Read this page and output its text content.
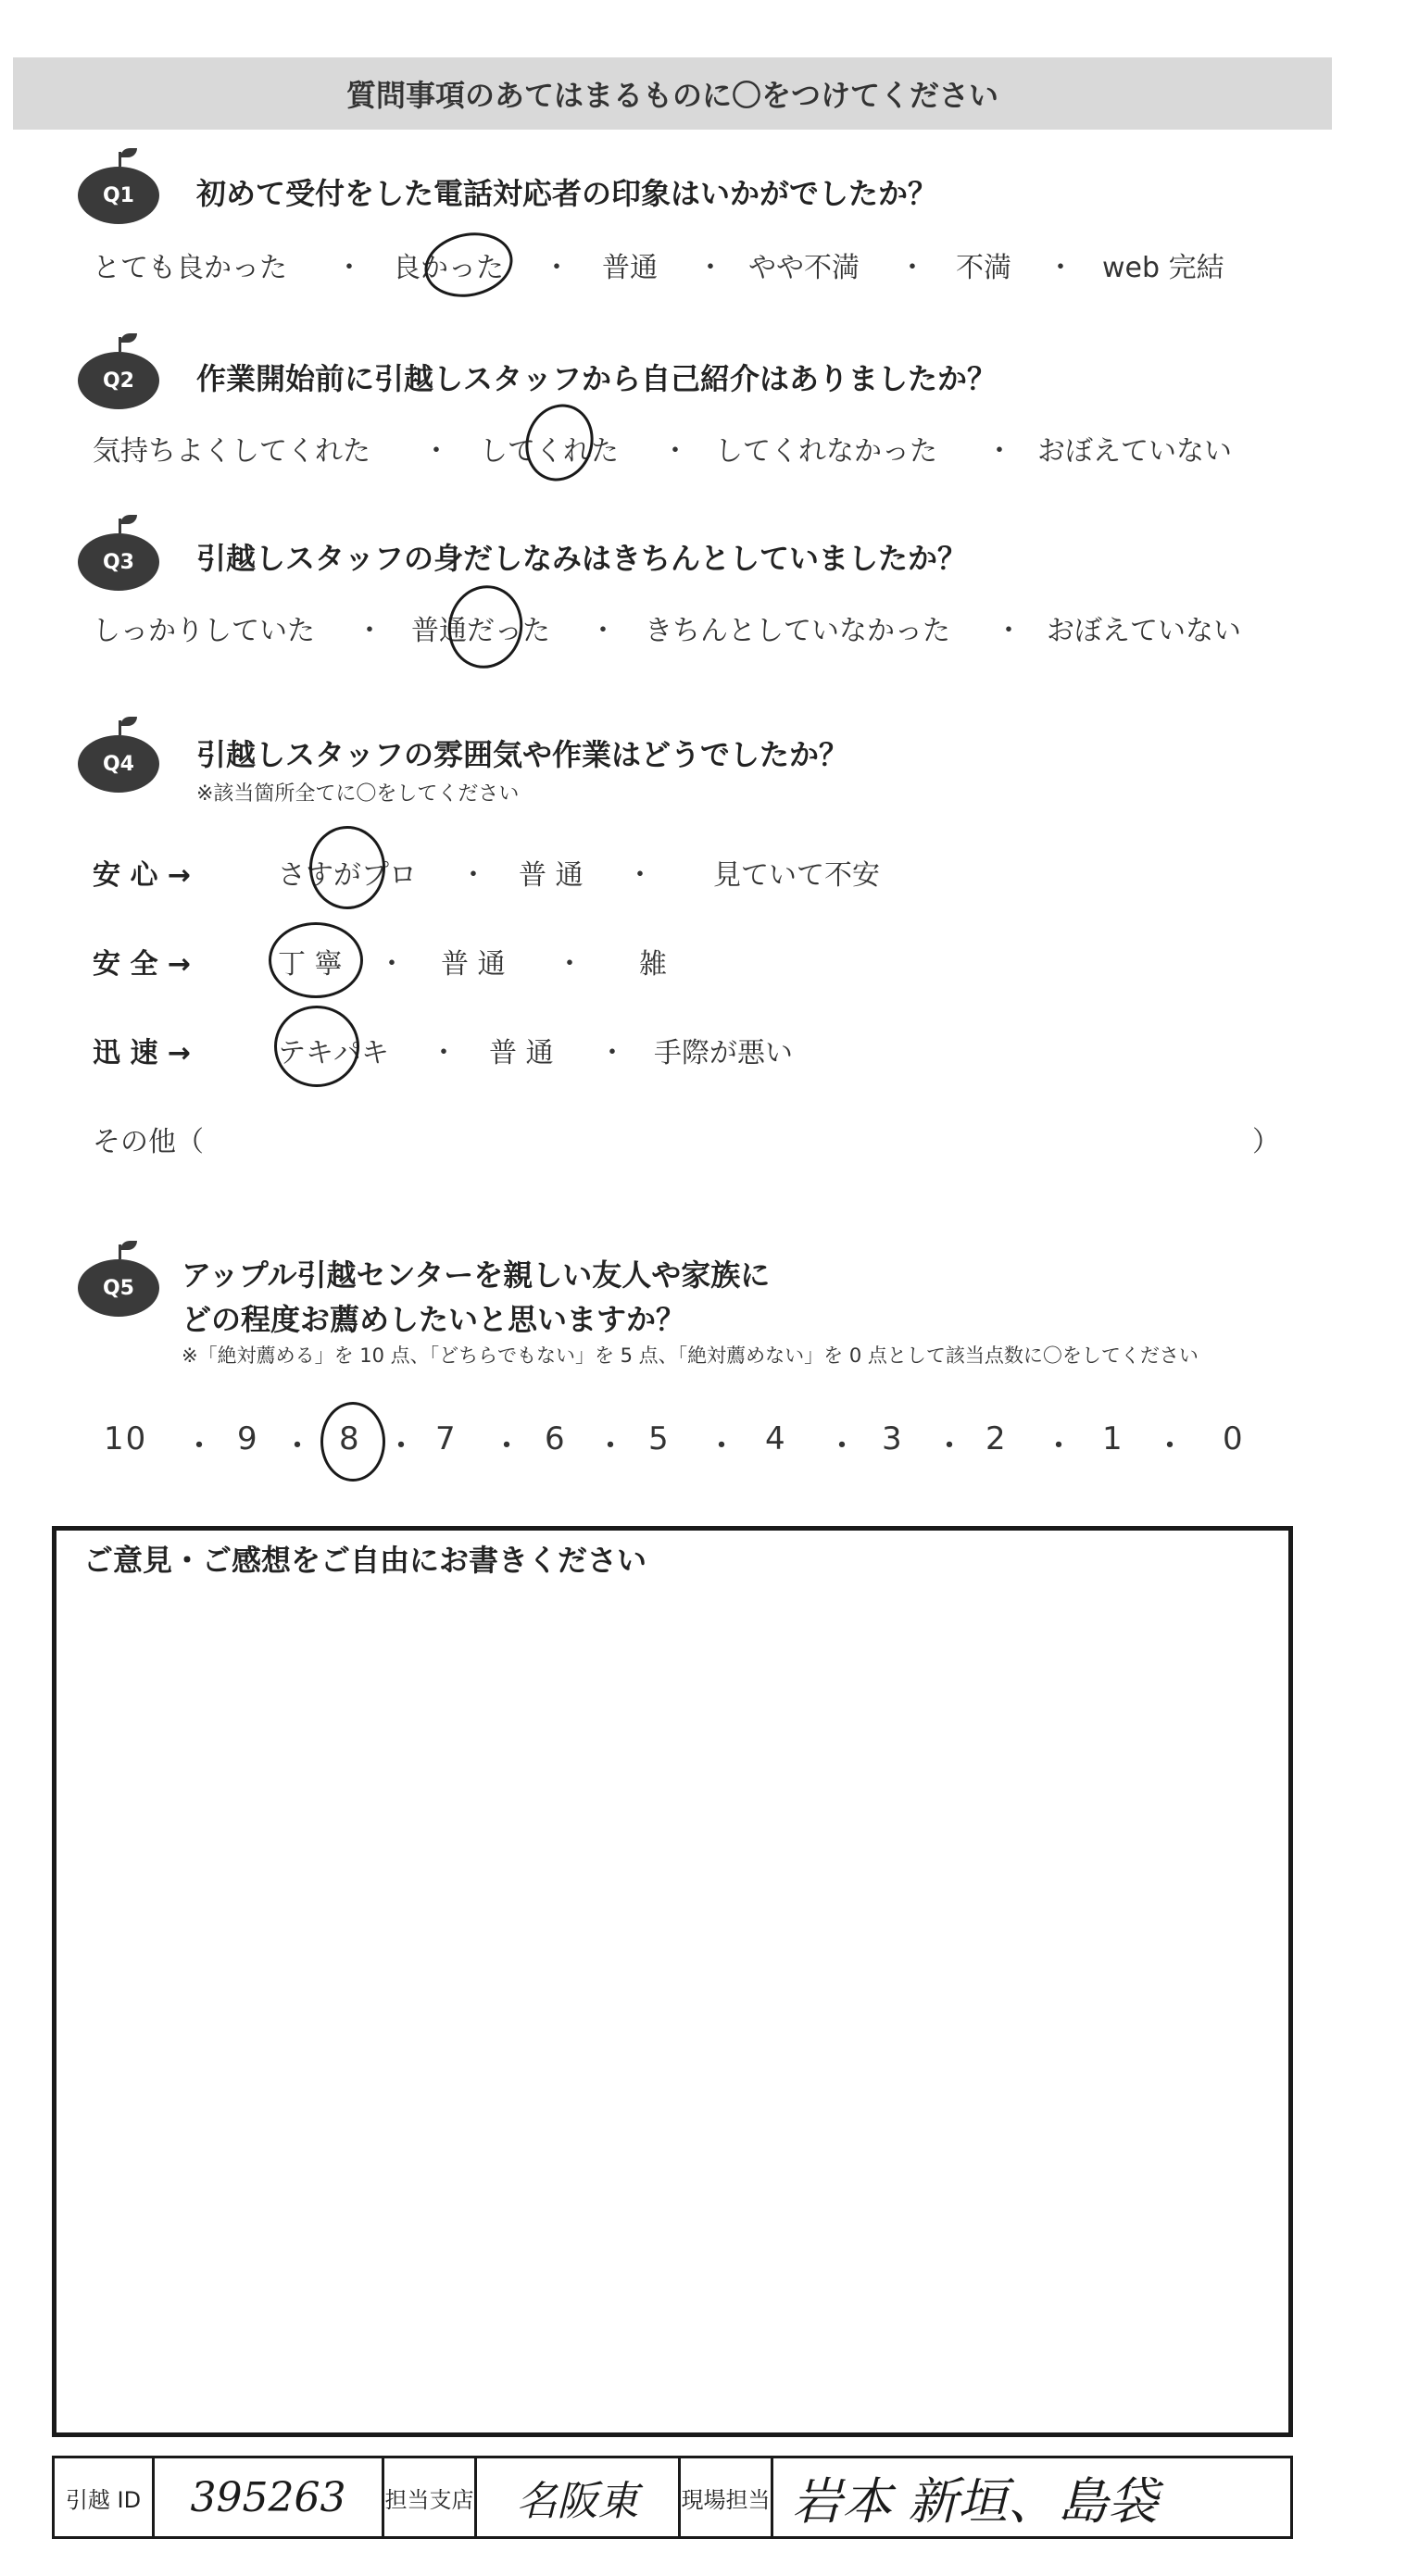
質問事項のあてはまるものに〇をつけてください
Q1 初めて受付をした電話対応者の印象はいかがでしたか？
とても良かった ・ 良かった ・ 普通 ・ やや不満 ・ 不満 ・ web 完結
Q2 作業開始前に引越しスタッフから自己紹介はありましたか？
気持ちよくしてくれた ・ してくれた ・ してくれなかった ・ おぼえていない
Q3 引越しスタッフの身だしなみはきちんとしていましたか？
しっかりしていた ・ 普通だった ・ きちんとしていなかった ・ おぼえていない
Q4 引越しスタッフの雰囲気や作業はどうでしたか？
※該当箇所全てに〇をしてください
安 心 →	さすがプロ ・ 普 通 ・ 見ていて不安
安 全 →	丁 寧 ・ 普 通 ・ 雑
迅 速 →	テキパキ ・ 普 通 ・ 手際が悪い
その他（	）
Q5 アップル引越センターを親しい友人や家族に
どの程度お薦めしたいと思いますか？
※「絶対薦める」を 10 点、「どちらでもない」を 5 点、「絶対薦めない」を 0 点として該当点数に〇をしてください
10 ・ 9 ・ 8 ・ 7 ・ 6 ・ 5 ・ 4 ・ 3 ・ 2 ・ 1 ・ 0
ご意見・ご感想をご自由にお書きください
引越 ID	395263	担当支店	名阪東	現場担当 岩本 新垣、島袋
